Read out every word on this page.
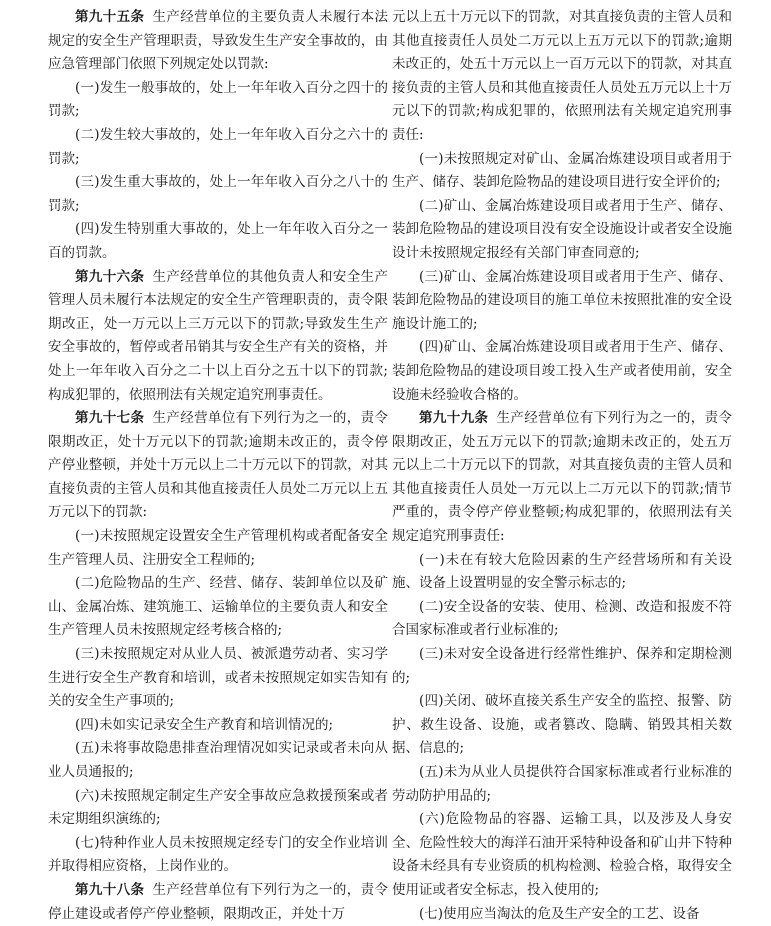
第九十五条 生产经营单位的主要负责人未履行本法规定的安全生产管理职责，导致发生生产安全事故的，由应急管理部门依照下列规定处以罚款:

(一)发生一般事故的，处上一年年收入百分之四十的罚款;

(二)发生较大事故的，处上一年年收入百分之六十的罚款;

(三)发生重大事故的，处上一年年收入百分之八十的罚款;

(四)发生特别重大事故的，处上一年年收入百分之一百的罚款。

第九十六条 生产经营单位的其他负责人和安全生产管理人员未履行本法规定的安全生产管理职责的，责令限期改正，处一万元以上三万元以下的罚款;导致发生生产安全事故的，暂停或者吊销其与安全生产有关的资格，并处上一年年收入百分之二十以上百分之五十以下的罚款;构成犯罪的，依照刑法有关规定追究刑事责任。

第九十七条 生产经营单位有下列行为之一的，责令限期改正，处十万元以下的罚款;逾期未改正的，责令停产停业整顿，并处十万元以上二十万元以下的罚款，对其直接负责的主管人员和其他直接责任人员处二万元以上五万元以下的罚款:

(一)未按照规定设置安全生产管理机构或者配备安全生产管理人员、注册安全工程师的;

(二)危险物品的生产、经营、储存、装卸单位以及矿山、金属冶炼、建筑施工、运输单位的主要负责人和安全生产管理人员未按照规定经考核合格的;

(三)未按照规定对从业人员、被派遣劳动者、实习学生进行安全生产教育和培训，或者未按照规定如实告知有关的安全生产事项的;

(四)未如实记录安全生产教育和培训情况的;

(五)未将事故隐患排查治理情况如实记录或者未向从业人员通报的;

(六)未按照规定制定生产安全事故应急救援预案或者未定期组织演练的;

(七)特种作业人员未按照规定经专门的安全作业培训并取得相应资格，上岗作业的。

第九十八条 生产经营单位有下列行为之一的，责令停止建设或者停产停业整顿，限期改正，并处十万

元以上五十万元以下的罚款，对其直接负责的主管人员和其他直接责任人员处二万元以上五万元以下的罚款;逾期未改正的，处五十万元以上一百万元以下的罚款，对其直接负责的主管人员和其他直接责任人员处五万元以上十万元以下的罚款;构成犯罪的，依照刑法有关规定追究刑事责任:

(一)未按照规定对矿山、金属冶炼建设项目或者用于生产、储存、装卸危险物品的建设项目进行安全评价的;

(二)矿山、金属冶炼建设项目或者用于生产、储存、装卸危险物品的建设项目没有安全设施设计或者安全设施设计未按照规定报经有关部门审查同意的;

(三)矿山、金属冶炼建设项目或者用于生产、储存、装卸危险物品的建设项目的施工单位未按照批准的安全设施设计施工的;

(四)矿山、金属冶炼建设项目或者用于生产、储存、装卸危险物品的建设项目竣工投入生产或者使用前，安全设施未经验收合格的。

第九十九条 生产经营单位有下列行为之一的，责令限期改正，处五万元以下的罚款;逾期未改正的，处五万元以上二十万元以下的罚款，对其直接负责的主管人员和其他直接责任人员处一万元以上二万元以下的罚款;情节严重的，责令停产停业整顿;构成犯罪的，依照刑法有关规定追究刑事责任:

(一)未在有较大危险因素的生产经营场所和有关设施、设备上设置明显的安全警示标志的;

(二)安全设备的安装、使用、检测、改造和报废不符合国家标准或者行业标准的;

(三)未对安全设备进行经常性维护、保养和定期检测的;

(四)关闭、破坏直接关系生产安全的监控、报警、防护、救生设备、设施，或者篡改、隐瞒、销毁其相关数据、信息的;

(五)未为从业人员提供符合国家标准或者行业标准的劳动防护用品的;

(六)危险物品的容器、运输工具，以及涉及人身安全、危险性较大的海洋石油开采特种设备和矿山井下特种设备未经具有专业资质的机构检测、检验合格，取得安全使用证或者安全标志，投入使用的;

(七)使用应当淘汰的危及生产安全的工艺、设备
